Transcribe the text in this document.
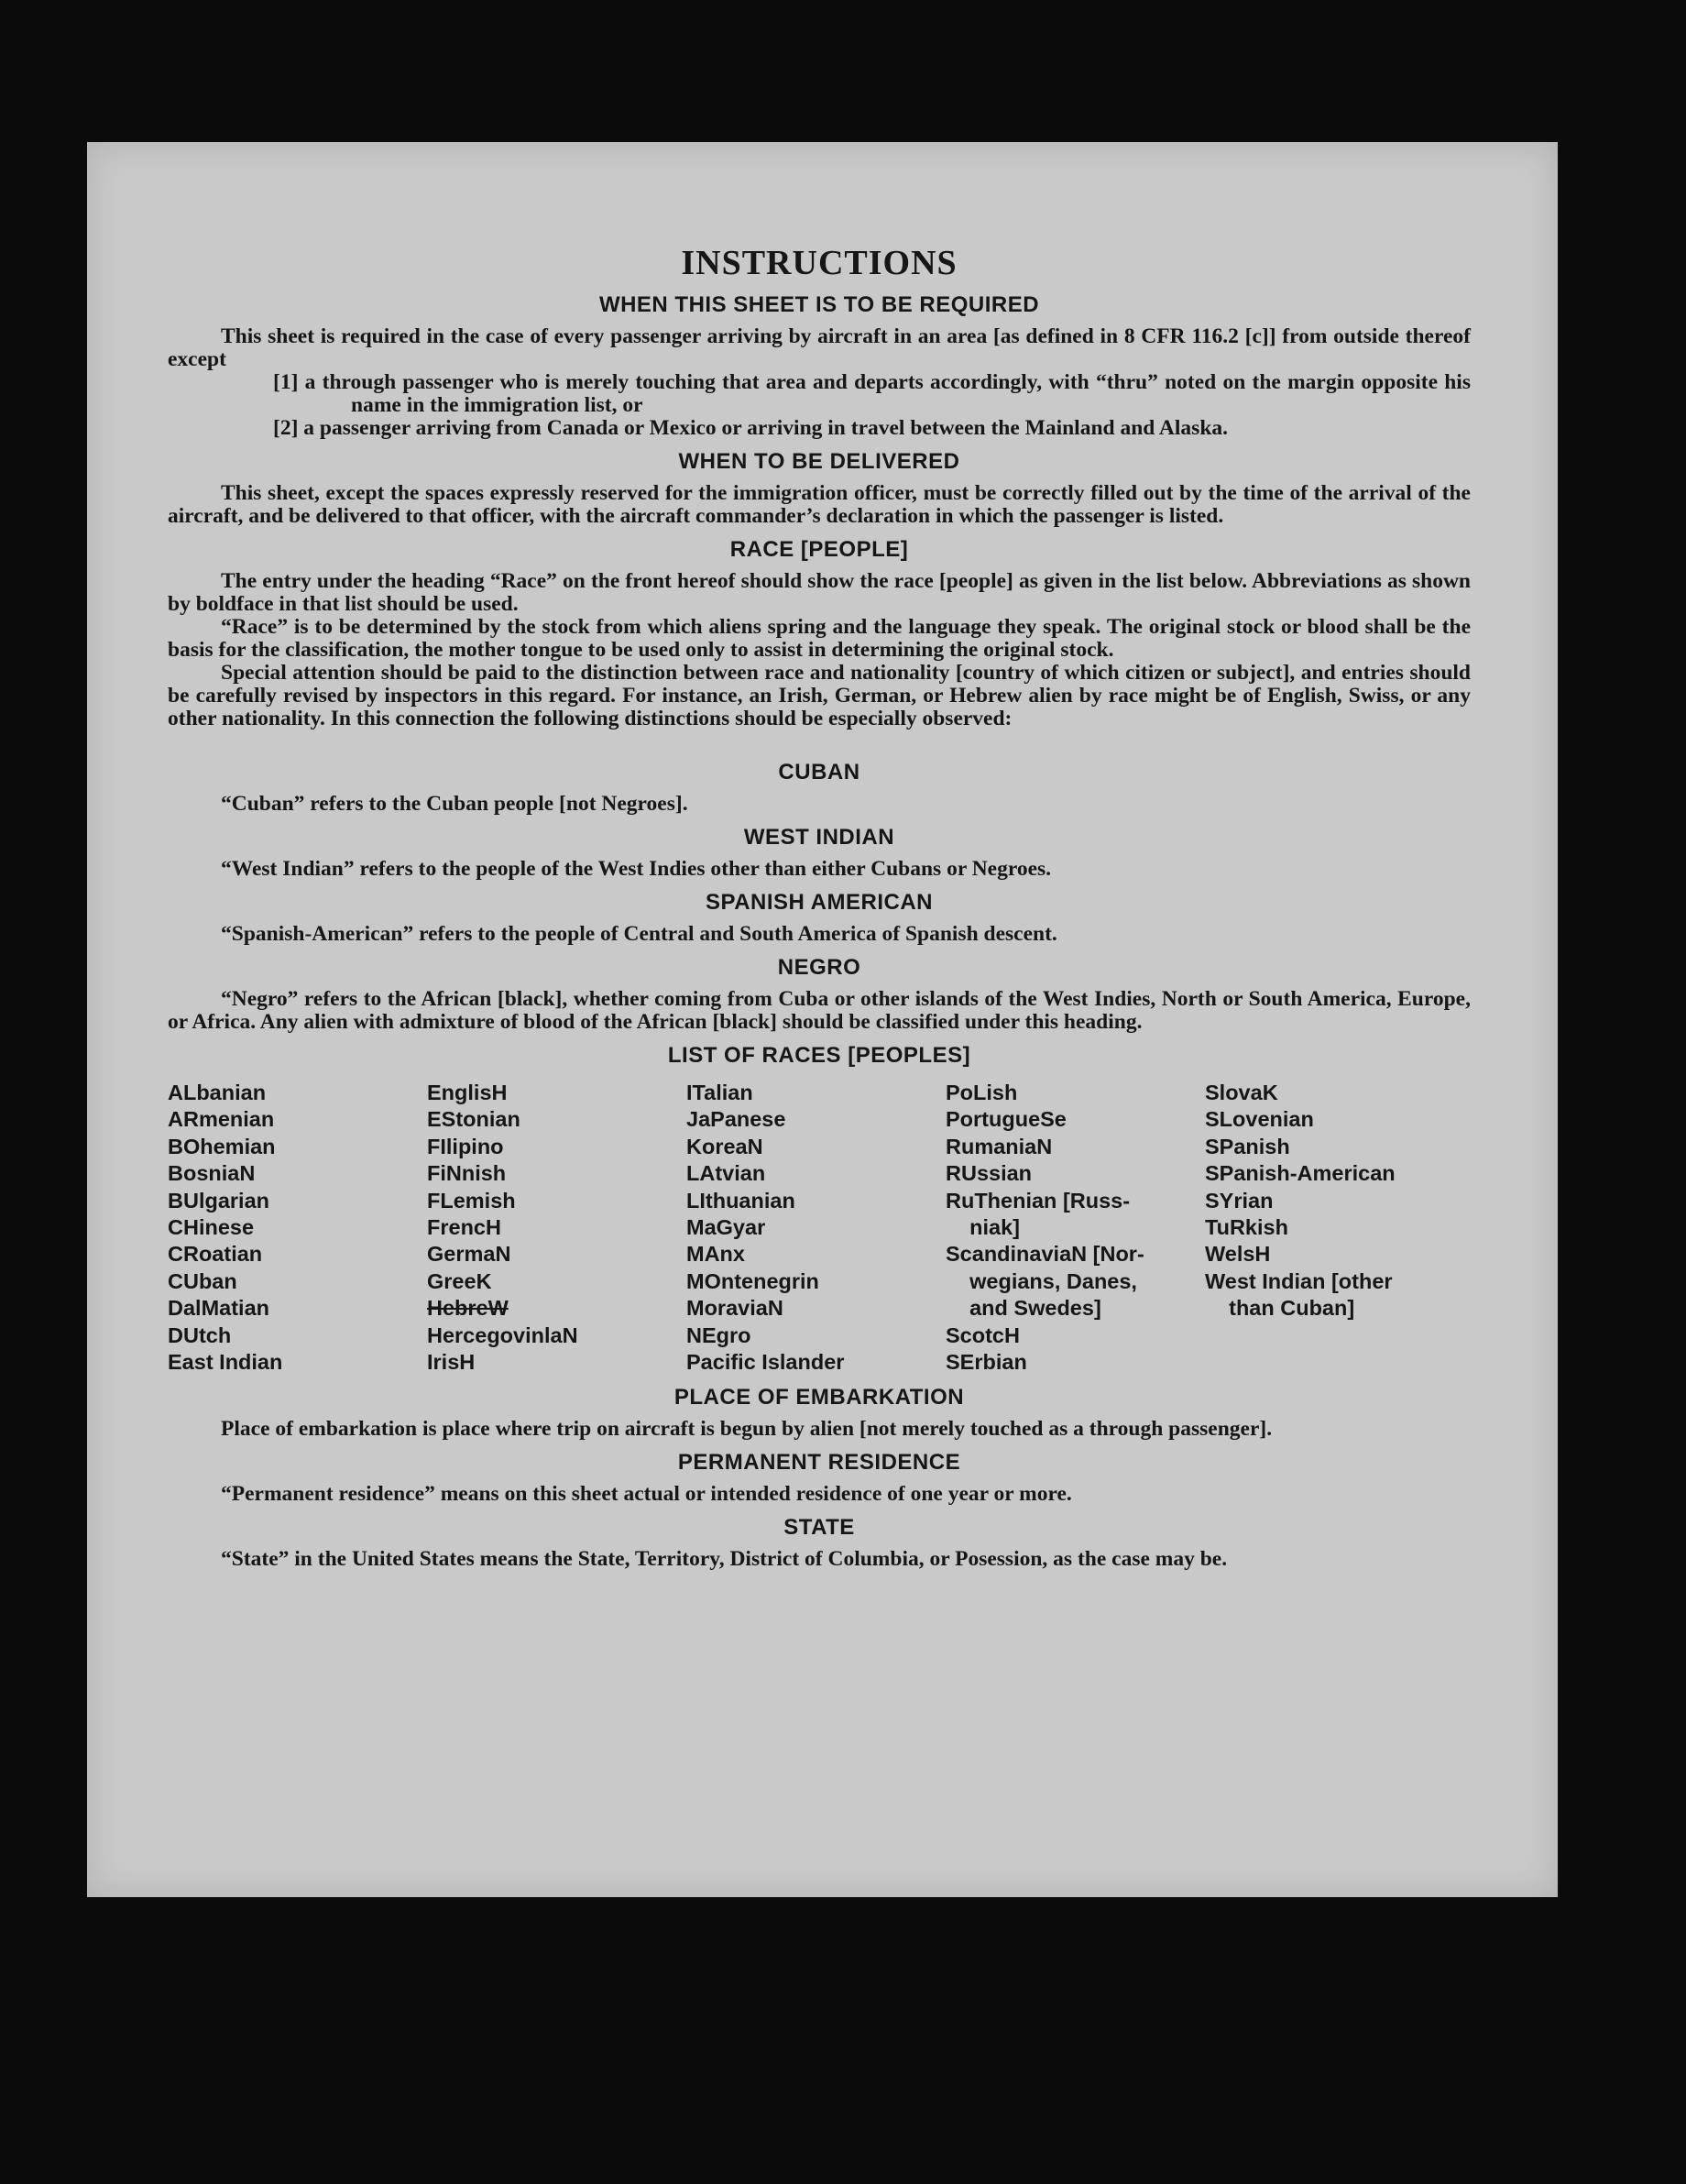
INSTRUCTIONS
WHEN THIS SHEET IS TO BE REQUIRED

This sheet is required in the case of every passenger arriving by aircraft in an area [as defined in 8 CFR 116.2 [c]] from outside thereof except

[1] a through passenger who is merely touching that area and departs accordingly, with “thru” noted on the margin opposite his name in the immigration list, or

[2] a passenger arriving from Canada or Mexico or arriving in travel between the Mainland and Alaska.

WHEN TO BE DELIVERED

This sheet, except the spaces expressly reserved for the immigration officer, must be correctly filled out by the time of the arrival of the aircraft, and be delivered to that officer, with the aircraft commander’s declaration in which the passenger is listed.

RACE [PEOPLE]

The entry under the heading “Race” on the front hereof should show the race [people] as given in the list below. Abbreviations as shown by boldface in that list should be used.

“Race” is to be determined by the stock from which aliens spring and the language they speak. The original stock or blood shall be the basis for the classification, the mother tongue to be used only to assist in determining the original stock.

Special attention should be paid to the distinction between race and nationality [country of which citizen or subject], and entries should be carefully revised by inspectors in this regard. For instance, an Irish, German, or Hebrew alien by race might be of English, Swiss, or any other nationality. In this connection the following distinctions should be especially observed:

CUBAN

“Cuban” refers to the Cuban people [not Negroes].

WEST INDIAN

“West Indian” refers to the people of the West Indies other than either Cubans or Negroes.

SPANISH AMERICAN

“Spanish-American” refers to the people of Central and South America of Spanish descent.

NEGRO

“Negro” refers to the African [black], whether coming from Cuba or other islands of the West Indies, North or South America, Europe, or Africa. Any alien with admixture of blood of the African [black] should be classified under this heading.

LIST OF RACES [PEOPLES]
ALbanian
ARmenian
BOhemian
BosniaN
BUlgarian
CHinese
CRoatian
CUban
DalMatian
DUtch
East Indian
EnglisH
EStonian
FIlipino
FiNnish
FLemish
FrencH
GermaN
GreeK
HebreW
HercegovinlaN
IrisH
ITalian
JaPanese
KoreaN
LAtvian
LIthuanian
MaGyar
MAnx
MOntenegrin
MoraviaN
NEgro
Pacific Islander
PoLish
PortugueSe
RumaniaN
RUssian
RuThenian [Russ-
niak]
ScandinaviaN [Nor-
wegians, Danes,
and Swedes]
ScotcH
SErbian
SlovaK
SLovenian
SPanish
SPanish-American
SYrian
TuRkish
WelsH
West Indian [other
than Cuban]
PLACE OF EMBARKATION

Place of embarkation is place where trip on aircraft is begun by alien [not merely touched as a through passenger].

PERMANENT RESIDENCE

“Permanent residence” means on this sheet actual or intended residence of one year or more.

STATE

“State” in the United States means the State, Territory, District of Columbia, or Posession, as the case may be.
